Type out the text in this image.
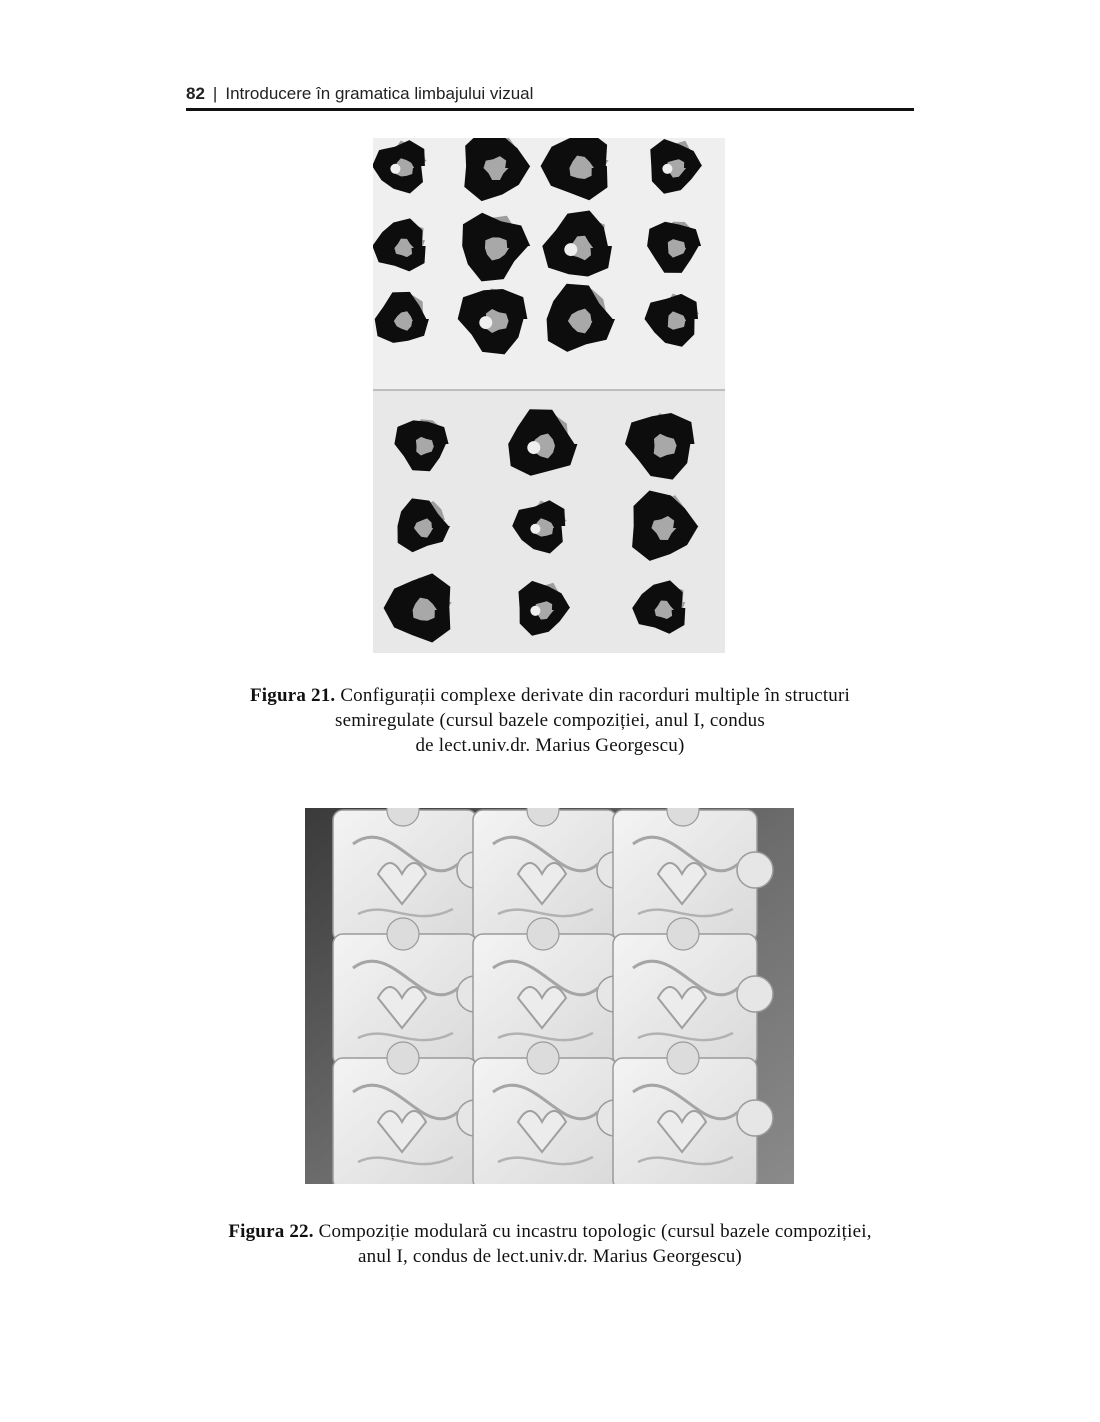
82 | Introducere în gramatica limbajului vizual
Figura 21. Configurații complexe derivate din racorduri multiple în structuri
semiregulate (cursul bazele compoziției, anul I, condus
de lect.univ.dr. Marius Georgescu)
Figura 22. Compoziție modulară cu incastru topologic (cursul bazele compoziției,
anul I, condus de lect.univ.dr. Marius Georgescu)
